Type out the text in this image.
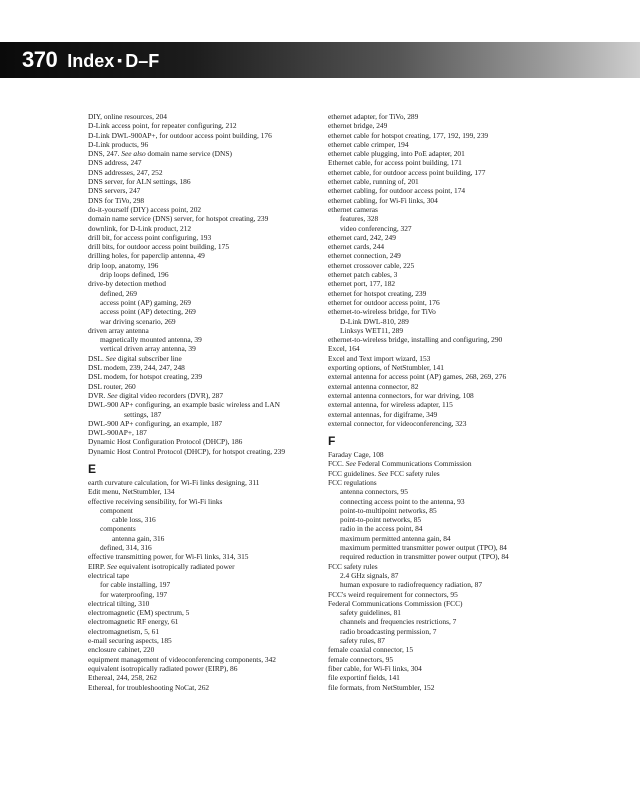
370 Index ▪ D–F
DIY, online resources, 204
D-Link access point, for repeater configuring, 212
D-Link DWL-900AP+, for outdoor access point building, 176
D-Link products, 96
DNS, 247. See also domain name service (DNS)
DNS address, 247
DNS addresses, 247, 252
DNS server, for ALN settings, 186
DNS servers, 247
DNS for TiVo, 298
do-it-yourself (DIY) access point, 202
domain name service (DNS) server, for hotspot creating, 239
downlink, for D-Link product, 212
drill bit, for access point configuring, 193
drill bits, for outdoor access point building, 175
drilling holes, for paperclip antenna, 49
drip loop, anatomy, 196
drip loops defined, 196
drive-by detection method
defined, 269
access point (AP) gaming, 269
access point (AP) detecting, 269
war driving scenario, 269
driven array antenna
magnetically mounted antenna, 39
vertical driven array antenna, 39
DSL. See digital subscriber line
DSL modem, 239, 244, 247, 248
DSL modem, for hotspot creating, 239
DSL router, 260
DVR. See digital video recorders (DVR), 287
DWL-900 AP+ configuring, an example basic wireless and LAN
settings, 187
DWL-900 AP+ configuring, an example, 187
DWL-900AP+, 187
Dynamic Host Configuration Protocol (DHCP), 186
Dynamic Host Control Protocol (DHCP), for hotspot creating, 239
E
earth curvature calculation, for Wi-Fi links designing, 311
Edit menu, NetStumbler, 134
effective receiving sensibility, for Wi-Fi links
component
cable loss, 316
components
antenna gain, 316
defined, 314, 316
effective transmitting power, for Wi-Fi links, 314, 315
EIRP. See equivalent isotropically radiated power
electrical tape
for cable installing, 197
for waterproofing, 197
electrical tilting, 310
electromagnetic (EM) spectrum, 5
electromagnetic RF energy, 61
electromagnetism, 5, 61
e-mail securing aspects, 185
enclosure cabinet, 220
equipment management of videoconferencing components, 342
equivalent isotropically radiated power (EIRP), 86
Ethereal, 244, 258, 262
Ethereal, for troubleshooting NoCat, 262
ethernet adapter, for TiVo, 289
ethernet bridge, 249
ethernet cable for hotspot creating, 177, 192, 199, 239
ethernet cable crimper, 194
ethernet cable plugging, into PoE adapter, 201
Ethernet cable, for access point building, 171
ethernet cable, for outdoor access point building, 177
ethernet cable, running of, 201
ethernet cabling, for outdoor access point, 174
ethernet cabling, for Wi-Fi links, 304
ethernet cameras
features, 328
video conferencing, 327
ethernet card, 242, 249
ethernet cards, 244
ethernet connection, 249
ethernet crossover cable, 225
ethernet patch cables, 3
ethernet port, 177, 182
ethernet for hotspot creating, 239
ethernet for outdoor access point, 176
ethernet-to-wireless bridge, for TiVo
D-Link DWL-810, 289
Linksys WET11, 289
ethernet-to-wireless bridge, installing and configuring, 290
Excel, 164
Excel and Text import wizard, 153
exporting options, of NetStumbler, 141
external antenna for access point (AP) games, 268, 269, 276
external antenna connector, 82
external antenna connectors, for war driving, 108
external antenna, for wireless adapter, 115
external antennas, for digiframe, 349
external connector, for videoconferencing, 323
F
Faraday Cage, 108
FCC. See Federal Communications Commission
FCC guidelines. See FCC safety rules
FCC regulations
antenna connectors, 95
connecting access point to the antenna, 93
point-to-multipoint networks, 85
point-to-point networks, 85
radio in the access point, 84
maximum permitted antenna gain, 84
maximum permitted transmitter power output (TPO), 84
required reduction in transmitter power output (TPO), 84
FCC safety rules
2.4 GHz signals, 87
human exposure to radiofrequency radiation, 87
FCC's weird requirement for connectors, 95
Federal Communications Commission (FCC)
safety guidelines, 81
channels and frequencies restrictions, 7
radio broadcasting permission, 7
safety rules, 87
female coaxial connector, 15
female connectors, 95
fiber cable, for Wi-Fi links, 304
file exportinf fields, 141
file formats, from NetStumbler, 152
